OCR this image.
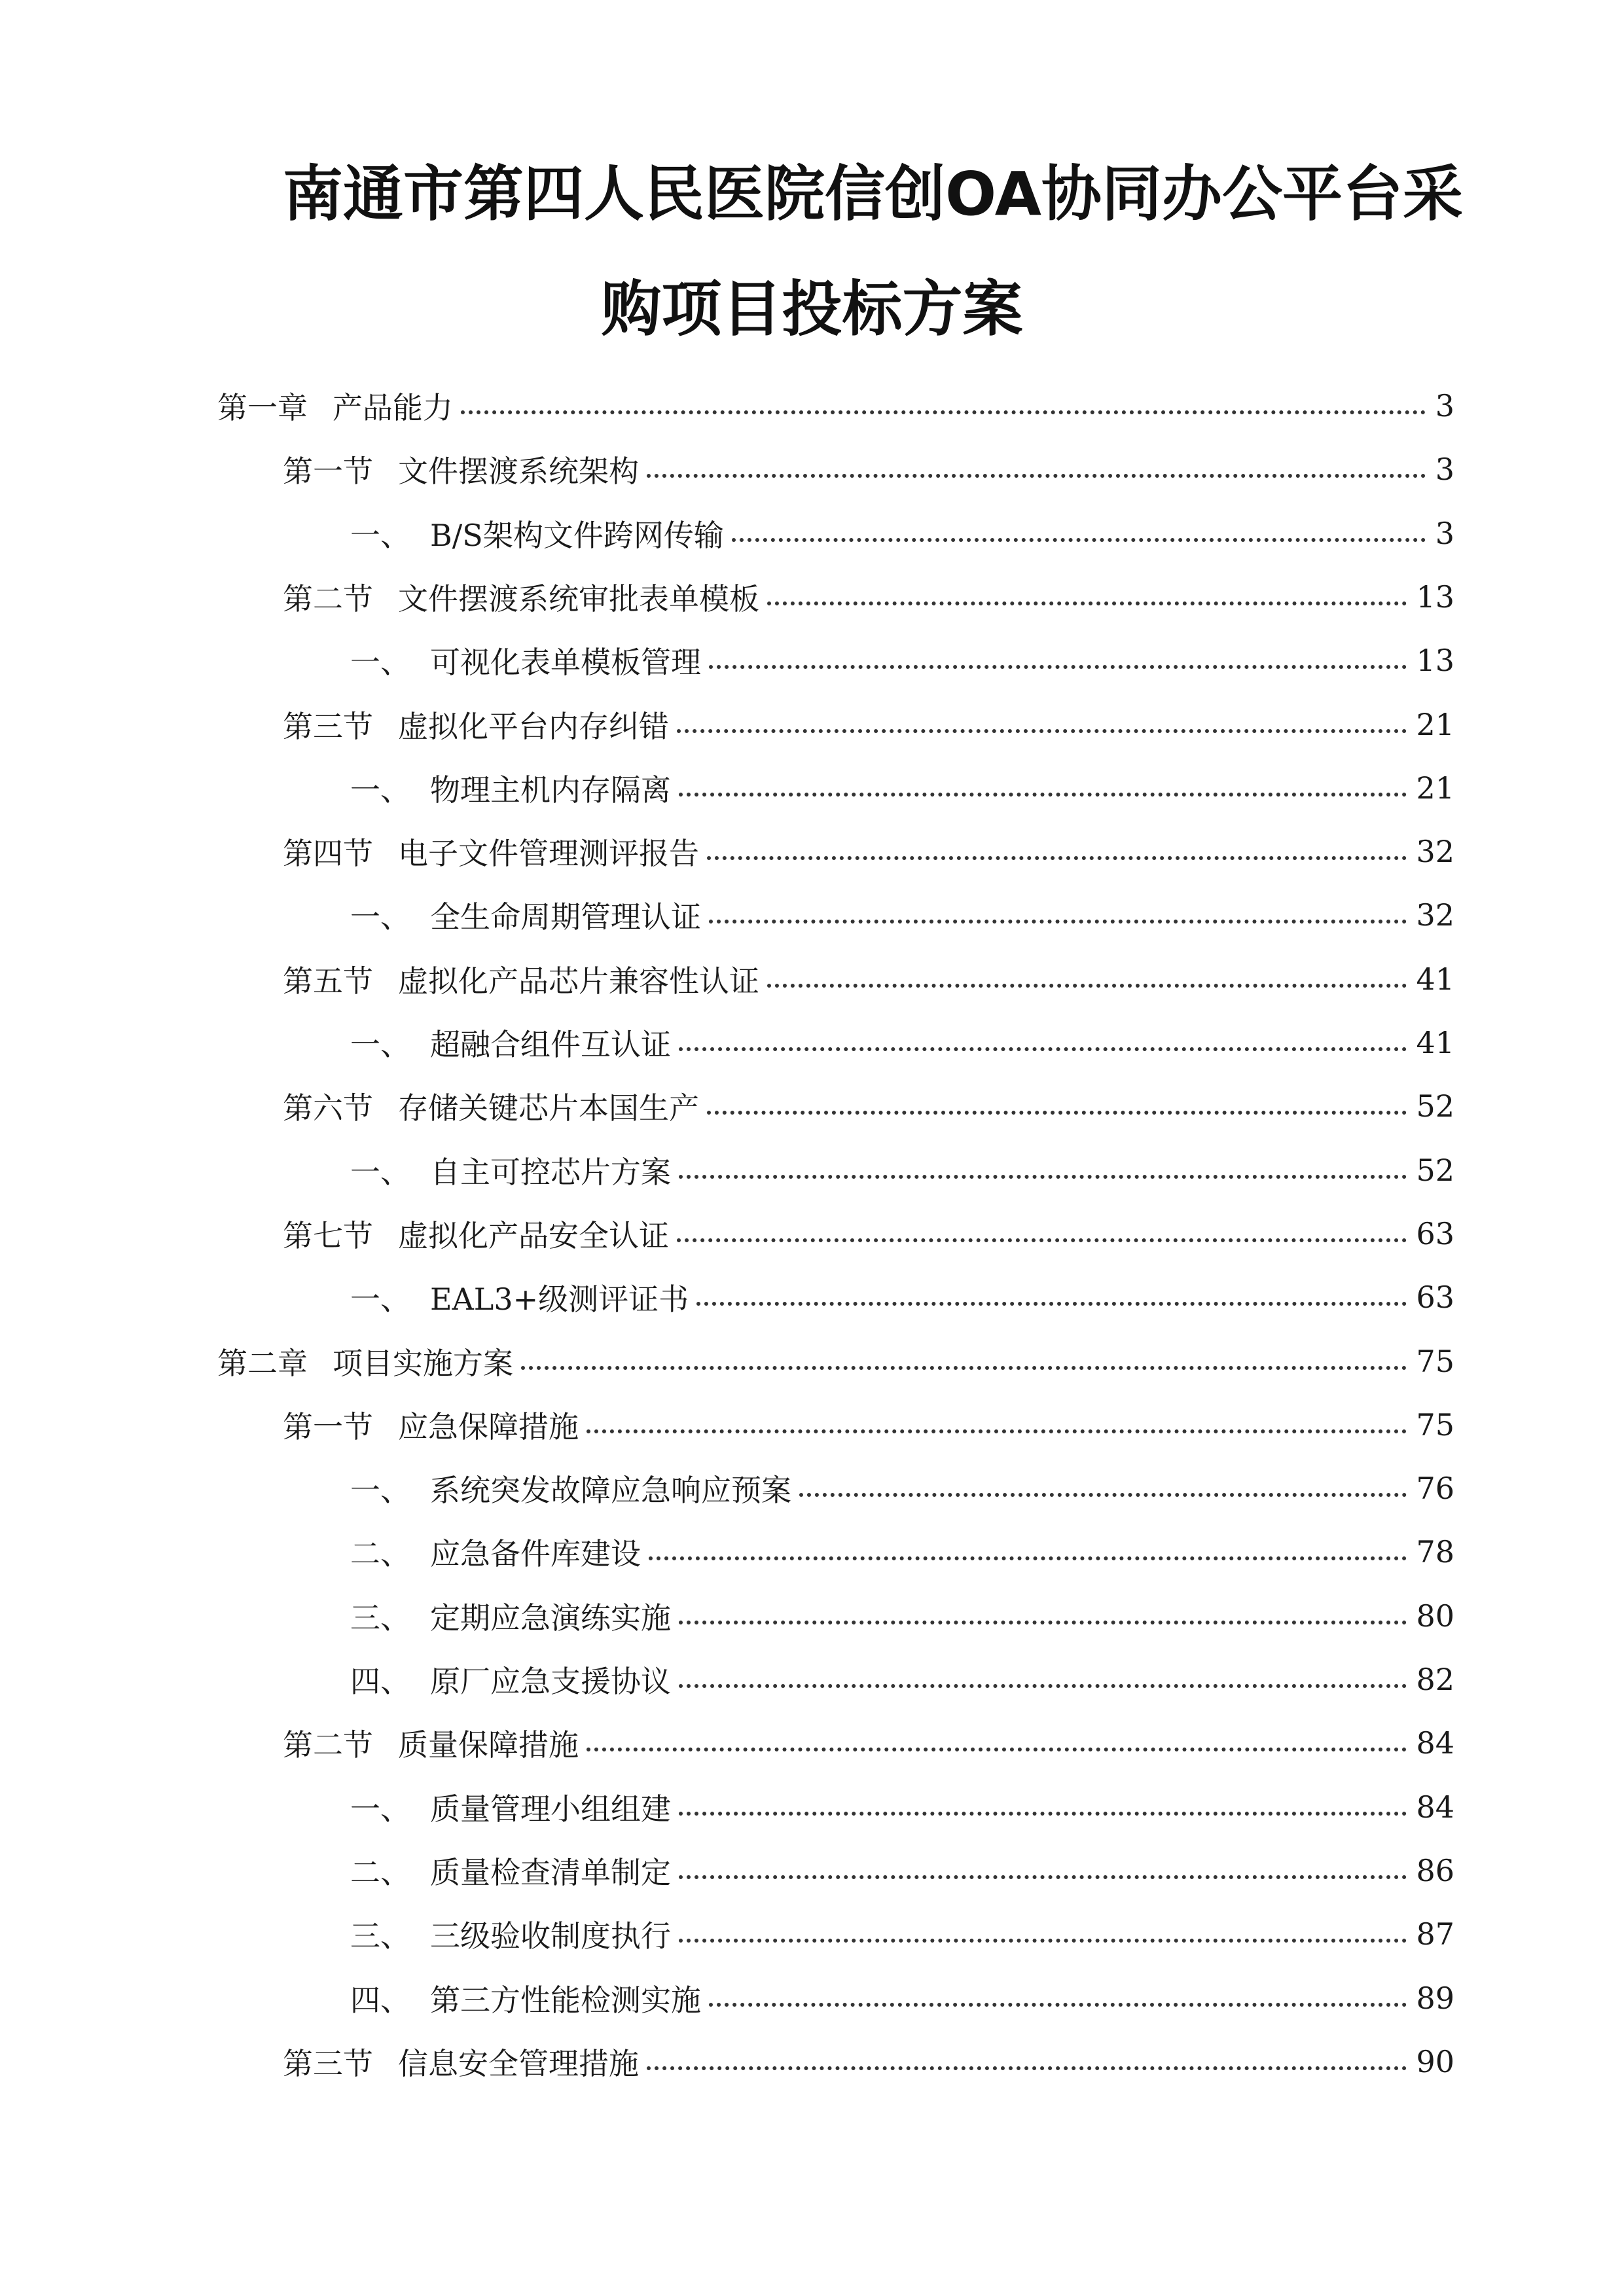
南通市第四人民医院信创OA协同办公平台采
购项目投标方案
第一章 产品能力	3
第一节 文件摆渡系统架构	3
一、 B/S架构文件跨网传输	3
第二节 文件摆渡系统审批表单模板	13
一、 可视化表单模板管理	13
第三节 虚拟化平台内存纠错	21
一、 物理主机内存隔离	21
第四节 电子文件管理测评报告	32
一、 全生命周期管理认证	32
第五节 虚拟化产品芯片兼容性认证	41
一、 超融合组件互认证	41
第六节 存储关键芯片本国生产	52
一、 自主可控芯片方案	52
第七节 虚拟化产品安全认证	63
一、 EAL3+级测评证书	63
第二章 项目实施方案	75
第一节 应急保障措施	75
一、 系统突发故障应急响应预案	76
二、 应急备件库建设	78
三、 定期应急演练实施	80
四、 原厂应急支援协议	82
第二节 质量保障措施	84
一、 质量管理小组组建	84
二、 质量检查清单制定	86
三、 三级验收制度执行	87
四、 第三方性能检测实施	89
第三节 信息安全管理措施	90
